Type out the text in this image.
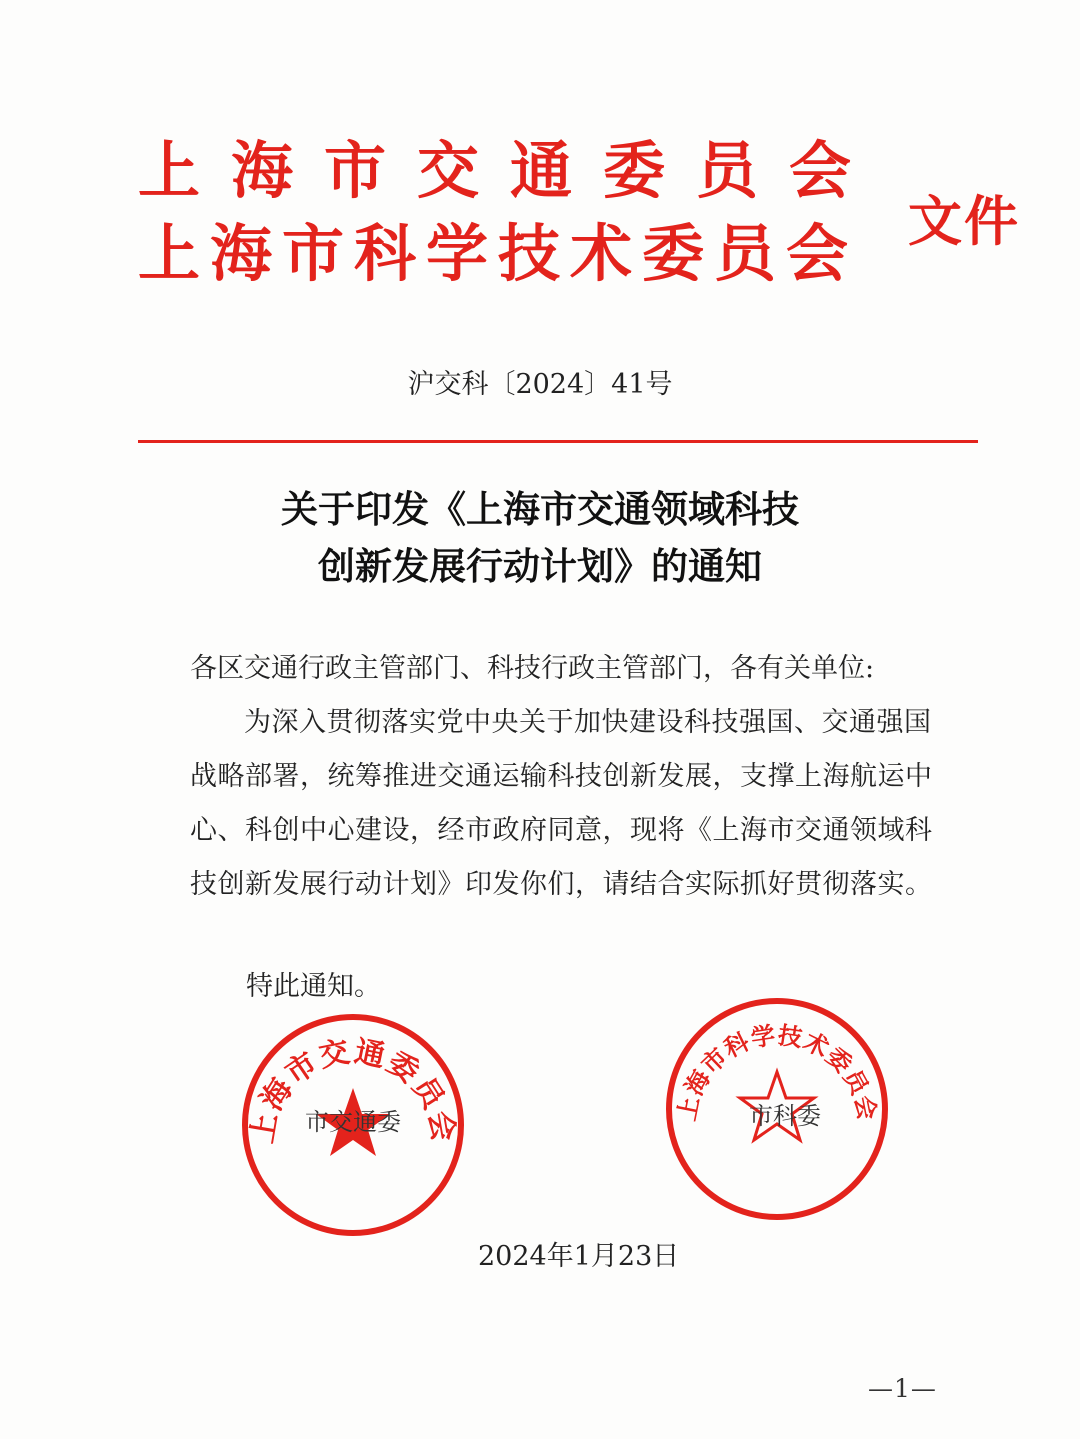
上海市交通委员会
上海市科学技术委员会 文件
沪交科〔2024〕41号
关于印发《上海市交通领域科技
创新发展行动计划》的通知
各区交通行政主管部门、科技行政主管部门，各有关单位:
为深入贯彻落实党中央关于加快建设科技强国、交通强国战略部署，统筹推进交通运输科技创新发展，支撑上海航运中心、科创中心建设，经市政府同意，现将《上海市交通领域科技创新发展行动计划》印发你们，请结合实际抓好贯彻落实。
特此通知。
上海市交通委员会
市交通委	上海市科学技术委员会
市科委
2024年1月23日
—1—
